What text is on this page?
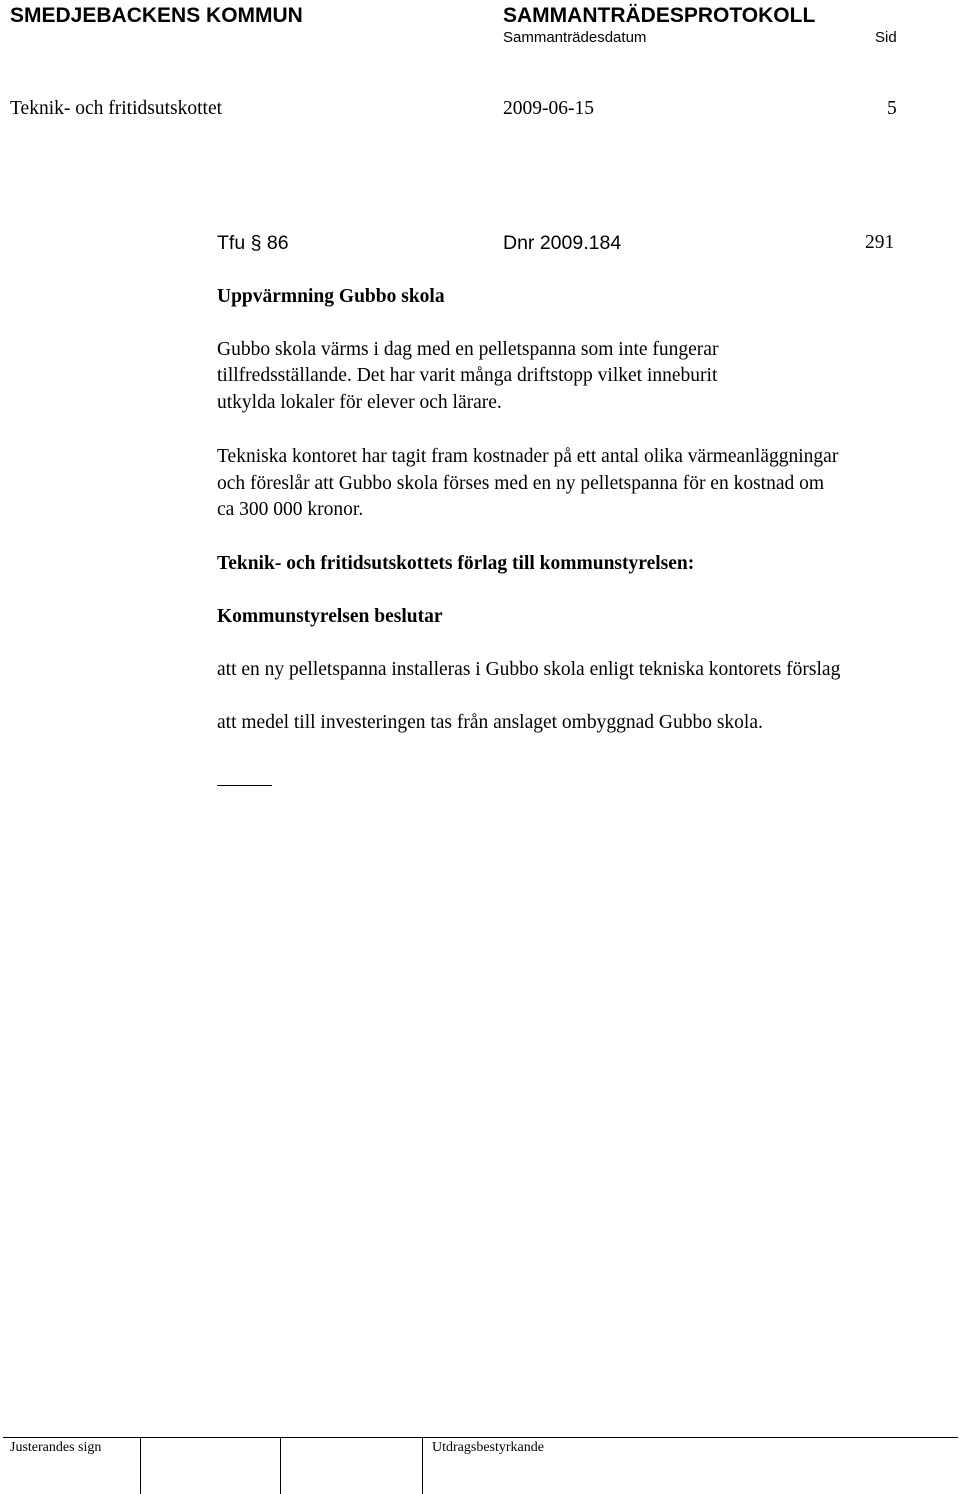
SMEDJEBACKENS KOMMUN	SAMMANTRÄDESPROTOKOLL
Sammanträdesdatum	Sid
Teknik- och fritidsutskottet	2009-06-15	5
Tfu § 86	Dnr 2009.184	291
Uppvärmning Gubbo skola
Gubbo skola värms i dag med en pelletspanna som inte fungerar
tillfredsställande. Det har varit många driftstopp vilket inneburit
utkylda lokaler för elever och lärare.
Tekniska kontoret har tagit fram kostnader på ett antal olika värmeanläggningar
och föreslår att Gubbo skola förses med en ny pelletspanna för en kostnad om
ca 300 000 kronor.
Teknik- och fritidsutskottets förlag till kommunstyrelsen:
Kommunstyrelsen beslutar
att en ny pelletspanna installeras i Gubbo skola enligt tekniska kontorets förslag
att medel till investeringen tas från anslaget ombyggnad Gubbo skola.
Justerandes sign	Utdragsbestyrkande
